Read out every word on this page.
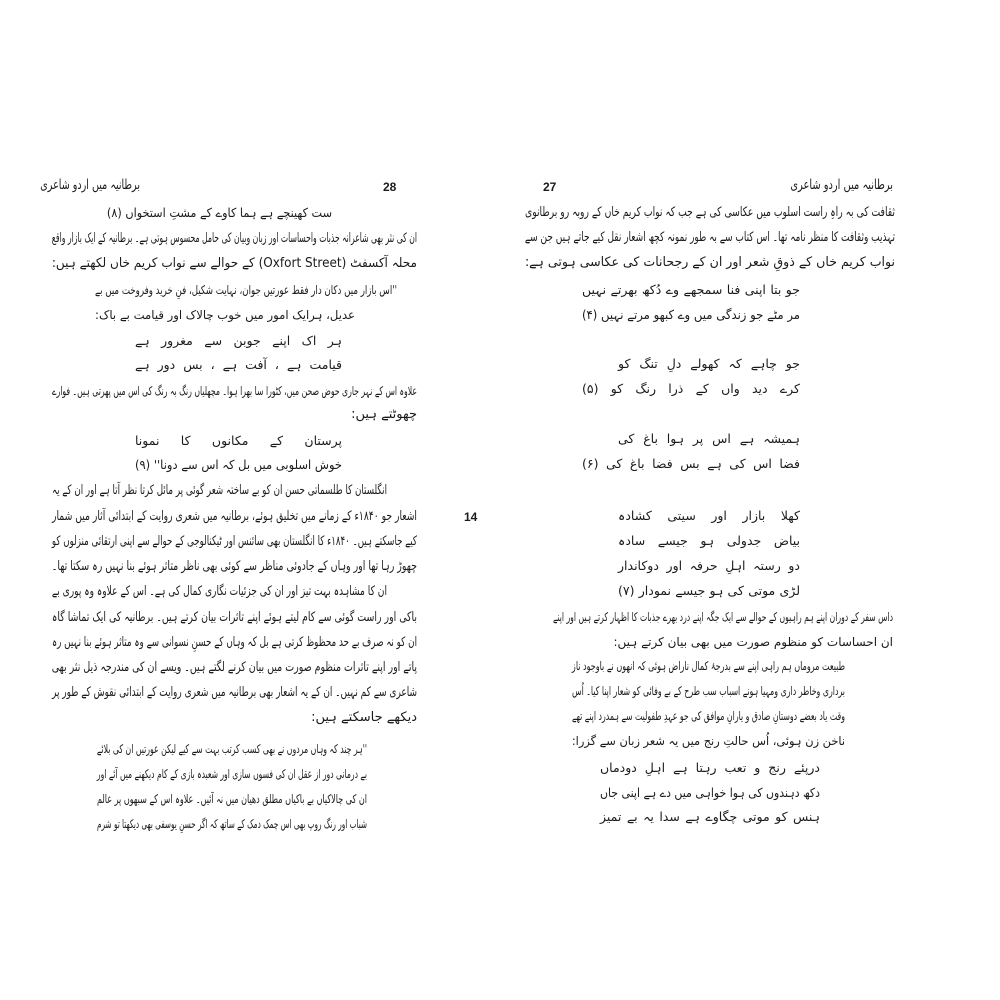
برطانیہ میں اردو شاعری	28
ست کھینچے ہے ہما کاوے کے مشتِ استخواں (۸)
ان کی نثر بھی شاعرانہ جذبات واحساسات اور زبان وبیان کی حامل محسوس ہوتی ہے۔ برطانیہ کے ایک بازار واقع
محلہ آکسفٹ (Oxfort Street) کے حوالے سے نواب کریم خاں لکھتے ہیں:
''اس بازار میں دکان دار فقط عورتیں جوان، نہایت شکیل، فنِ خرید وفروخت میں بے
عدیل، ہرایک امور میں خوب چالاک اور قیامت بے باک:
ہر اک اپنے جوبن سے مغرور ہے
قیامت ہے ، آفت ہے ، بس دور ہے
علاوہ اس کے نہر جاری حوض صحن میں، کٹورا سا بھرا ہوا۔ مچھلیاں رنگ بہ رنگ کی اس میں پھرتی ہیں۔ فوارے
چھوٹتے ہیں:
پرستان کے مکانوں کا نمونا
خوش اسلوبی میں بل کہ اس سے دونا'' (۹)
انگلستان کا طلسماتی حسن ان کو بے ساختہ شعر گوئی پر مائل کرتا نظر آتا ہے اور ان کے یہ
اشعار جو ۱۸۴۰ء کے زمانے میں تخلیق ہوئے، برطانیہ میں شعری روایت کے ابتدائی آثار میں شمار
کیے جاسکتے ہیں۔ ۱۸۴۰ء کا انگلستان بھی سائنس اور ٹیکنالوجی کے حوالے سے اپنی ارتقائی منزلوں کو
چھوڑ رہا تھا اور وہاں کے جادوئی مناظر سے کوئی بھی ناظر متاثر ہوئے بنا نہیں رہ سکتا تھا۔
ان کا مشاہدہ بہت تیز اور ان کی جزئیات نگاری کمال کی ہے۔ اس کے علاوہ وہ پوری بے
باکی اور راست گوئی سے کام لیتے ہوئے اپنے تاثرات بیان کرتے ہیں۔ برطانیہ کی ایک تماشا گاہ
ان کو نہ صرف بے حد محظوظ کرتی ہے بل کہ وہاں کے حسنِ نسوانی سے وہ متاثر ہوئے بنا نہیں رہ
پاتے اور اپنے تاثرات منظوم صورت میں بیان کرنے لگتے ہیں۔ ویسے ان کی مندرجہ ذیل نثر بھی
شاعری سے کم نہیں۔ ان کے یہ اشعار بھی برطانیہ میں شعری روایت کے ابتدائی نقوش کے طور پر
دیکھے جاسکتے ہیں:
''ہر چند کہ وہاں مردوں نے بھی کسب کرتب بہت سے کیے لیکن عورتیں ان کی بلائے
بے درمانی دور از عقل ان کی فسوں سازی اور شعبدہ بازی کے کام دیکھنے میں آئے اور
ان کی چالاکیاں بے باکیاں مطلق دھیان میں نہ آئیں۔ علاوہ اس کے سبھوں پر عالم
شباب اور رنگ روپ بھی اس چمک دمک کے ساتھ کہ اگر حسنِ یوسفی بھی دیکھتا تو شرم
14
27	برطانیہ میں اردو شاعری
ثقافت کی بہ راہِ راست اسلوب میں عکاسی کی ہے جب کہ نواب کریم خاں کے روبہ رو برطانوی
تہذیب وثقافت کا منظر نامہ تھا۔ اس کتاب سے بہ طور نمونہ کچھ اشعار نقل کیے جاتے ہیں جن سے
نواب کریم خاں کے ذوقِ شعر اور ان کے رجحانات کی عکاسی ہوتی ہے:
جو بتا اپنی فنا سمجھے وے دُکھ بھرتے نہیں
مر مٹے جو زندگی میں وے کبھو مرتے نہیں (۴)
جو چاہے کہ کھولے دلِ تنگ کو
کرے دید واں کے ذرا رنگ کو (۵)
ہمیشہ ہے اس پر ہوا باغ کی
فضا اس کی ہے بس فضا باغ کی (۶)
کھلا بازار اور سیتی کشادہ
بیاض جدولی ہو جیسے سادہ
دو رستہ اہلِ حرفہ اور دوکاندار
لڑی موتی کی ہو جیسے نمودار (۷)
داس سفر کے دوران اپنے ہم راہیوں کے حوالے سے ایک جگہ اپنے درد بھرے جذبات کا اظہار کرتے ہیں اور اپنے
ان احساسات کو منظوم صورت میں بھی بیان کرتے ہیں:
طبیعت مروماں ہم راہی اپنے سے بدرجۂ کمال ناراض ہوئی کہ انھوں نے باوجود ناز
برداری وخاطر داری ومہیا ہونے اسباب سب طرح کے بے وفائی کو شعار اپنا کیا۔ اُس
وقت یاد بعضے دوستانِ صادق و یارانِ موافق کی جو عہدِ طفولیت سے ہمدرد اپنے تھے
ناخن زن ہوئی، اُس حالتِ رنج میں یہ شعر زبان سے گزرا:
درپئے رنج و تعب رہتا ہے اہلِ دودماں
دکھ دہندوں کی ہوا خواہی میں دے ہے اپنی جاں
ہنس کو موتی چگاوے ہے سدا یہ بے تمیز
